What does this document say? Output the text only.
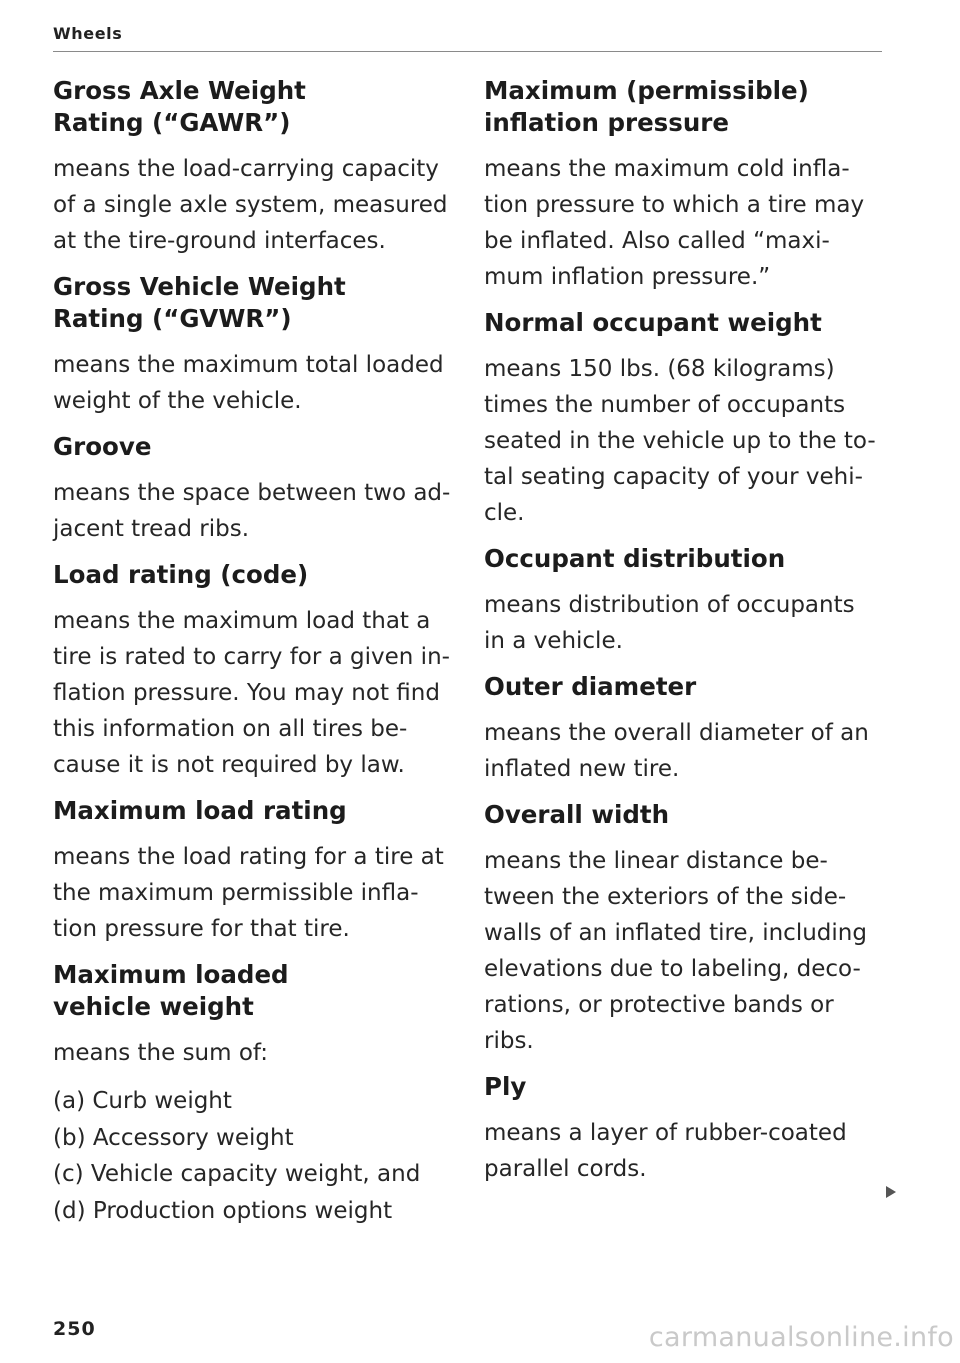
Wheels
Gross Axle Weight Rating (“GAWR”)
means the load-carrying capacity of a single axle system, measured at the tire-ground interfaces.
Gross Vehicle Weight Rating (“GVWR”)
means the maximum total loaded weight of the vehicle.
Groove
means the space between two ad-jacent tread ribs.
Load rating (code)
means the maximum load that a tire is rated to carry for a given in-flation pressure. You may not find this information on all tires be-cause it is not required by law.
Maximum load rating
means the load rating for a tire at the maximum permissible infla-tion pressure for that tire.
Maximum loaded vehicle weight
means the sum of:
(a) Curb weight
(b) Accessory weight
(c) Vehicle capacity weight, and
(d) Production options weight
Maximum (permissible) inflation pressure
means the maximum cold infla-tion pressure to which a tire may be inflated. Also called “maxi-mum inflation pressure.”
Normal occupant weight
means 150 lbs. (68 kilograms) times the number of occupants seated in the vehicle up to the to-tal seating capacity of your vehi-cle.
Occupant distribution
means distribution of occupants in a vehicle.
Outer diameter
means the overall diameter of an inflated new tire.
Overall width
means the linear distance be-tween the exteriors of the side-walls of an inflated tire, including elevations due to labeling, deco-rations, or protective bands or ribs.
Ply
means a layer of rubber-coated parallel cords.
250	carmanualsonline.info
